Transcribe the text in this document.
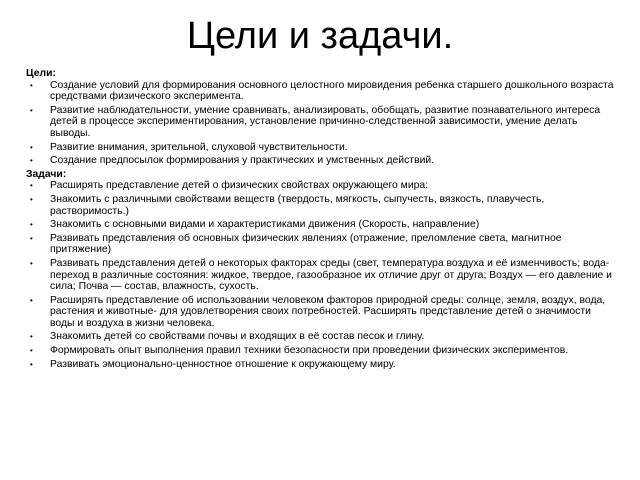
Цели и задачи.

Цели:

• Создание условий для формирования основного целостного мировидения ребенка старшего дошкольного возраста средствами физического эксперимента.
• Развитие наблюдательности, умение сравнивать, анализировать, обобщать, развитие познавательного интереса детей в процессе экспериментирования, установление причинно-следственной зависимости, умение делать выводы.
• Развитие внимания, зрительной, слуховой чувствительности.
• Создание предпосылок формирования у практических и умственных действий.

Задачи:

• Расширять представление детей о физических свойствах окружающего мира:
• Знакомить с различными свойствами веществ (твердость, мягкость, сыпучесть, вязкость, плавучесть, растворимость.)
• Знакомить с основными видами и характеристиками движения (Скорость, направление)
• Развивать представления об основных физических явлениях (отражение, преломление света, магнитное притяжение)
• Развивать представления детей о некоторых факторах среды (свет, температура воздуха и её изменчивость; вода-переход в различные состояния: жидкое, твердое, газообразное их отличие друг от друга; Воздух — его давление и сила; Почва — состав, влажность, сухость.
• Расширять представление об использовании человеком факторов природной среды: солнце, земля, воздух, вода, растения и животные- для удовлетворения своих потребностей. Расширять представление детей о значимости воды и воздуха в жизни человека.
• Знакомить детей со свойствами почвы и входящих в её состав песок и глину.
• Формировать опыт выполнения правил техники безопасности при проведении физических экспериментов.
• Развивать эмоционально-ценностное отношение к окружающему миру.
